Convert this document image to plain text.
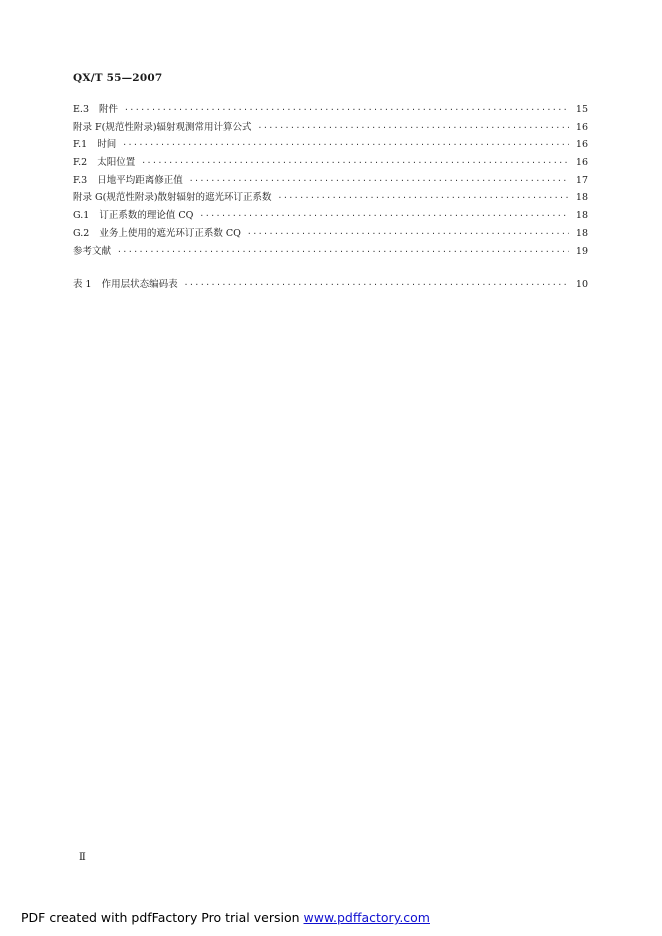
QX/T 55—2007
E.3 附件 ·····	15
附录 F(规范性附录)辐射观测常用计算公式 ·····	16
F.1 时间 ·····	16
F.2 太阳位置 ·····	16
F.3 日地平均距离修正值 ·····	17
附录 G(规范性附录)散射辐射的遮光环订正系数 ·····	18
G.1 订正系数的理论值 CQ ·····	18
G.2 业务上使用的遮光环订正系数 CQ ·····	18
参考文献 ·····	19
表 1 作用层状态编码表 ·····	10
Ⅱ
PDF created with pdfFactory Pro trial version www.pdffactory.com
